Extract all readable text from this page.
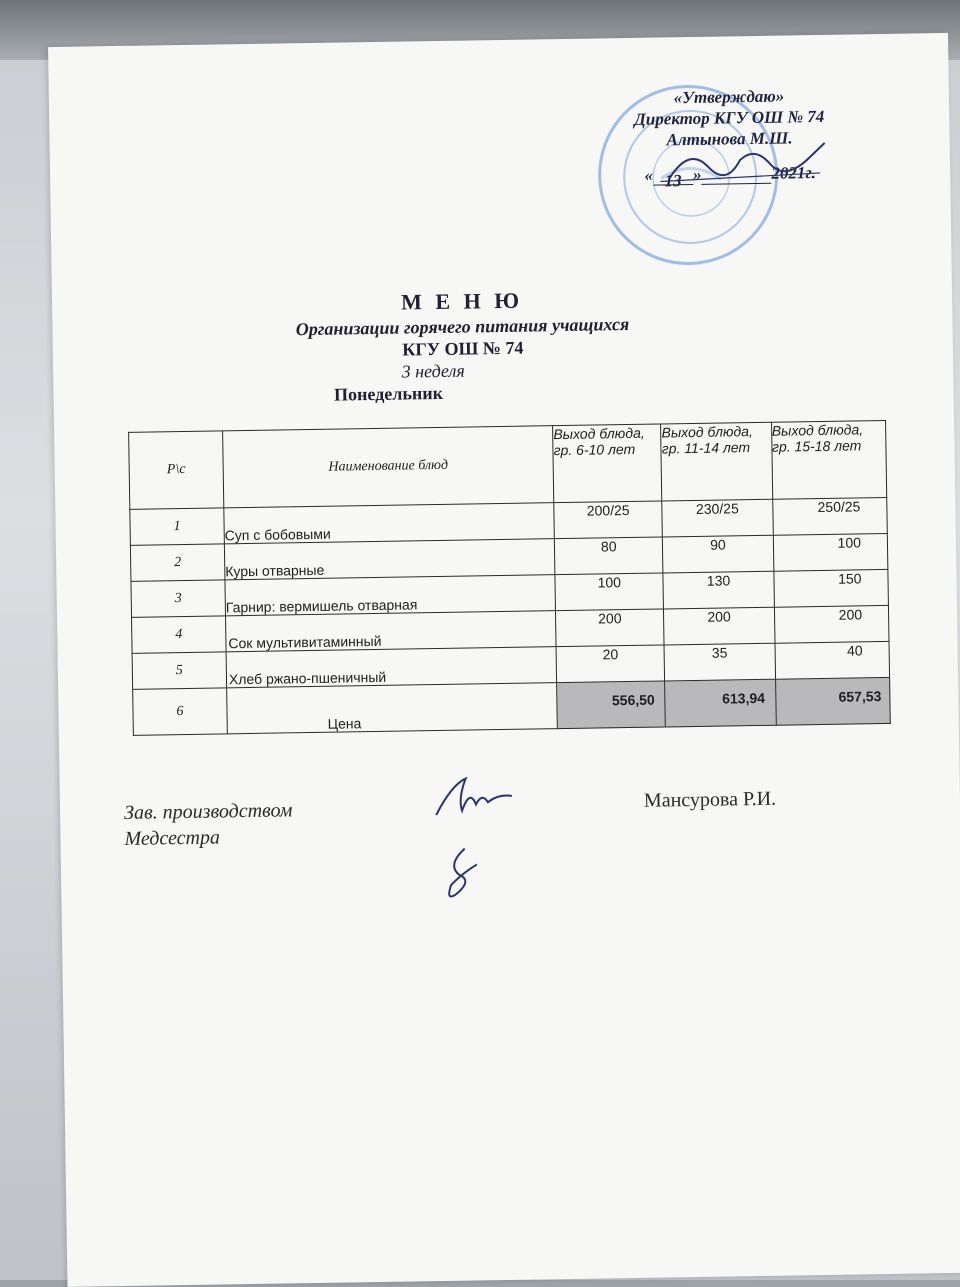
«Утверждаю»
Директор КГУ ОШ № 74
Алтынова М.Ш.
« 13 »	2021г.
М Е Н Ю
Организации горячего питания учащихся
КГУ ОШ № 74
3 неделя
Понедельник
Р\с	Наименование блюд	Выход блюда, гр. 6-10 лет	Выход блюда, гр. 11-14 лет	Выход блюда, гр. 15-18 лет
1	Суп с бобовыми	200/25	230/25	250/25
2	Куры отварные	80	90	100
3	Гарнир: вермишель отварная	100	130	150
4	Сок мультивитаминный	200	200	200
5	Хлеб ржано-пшеничный	20	35	40
6	Цена	556,50	613,94	657,53
Зав. производством
Медсестра
Мансурова Р.И.
